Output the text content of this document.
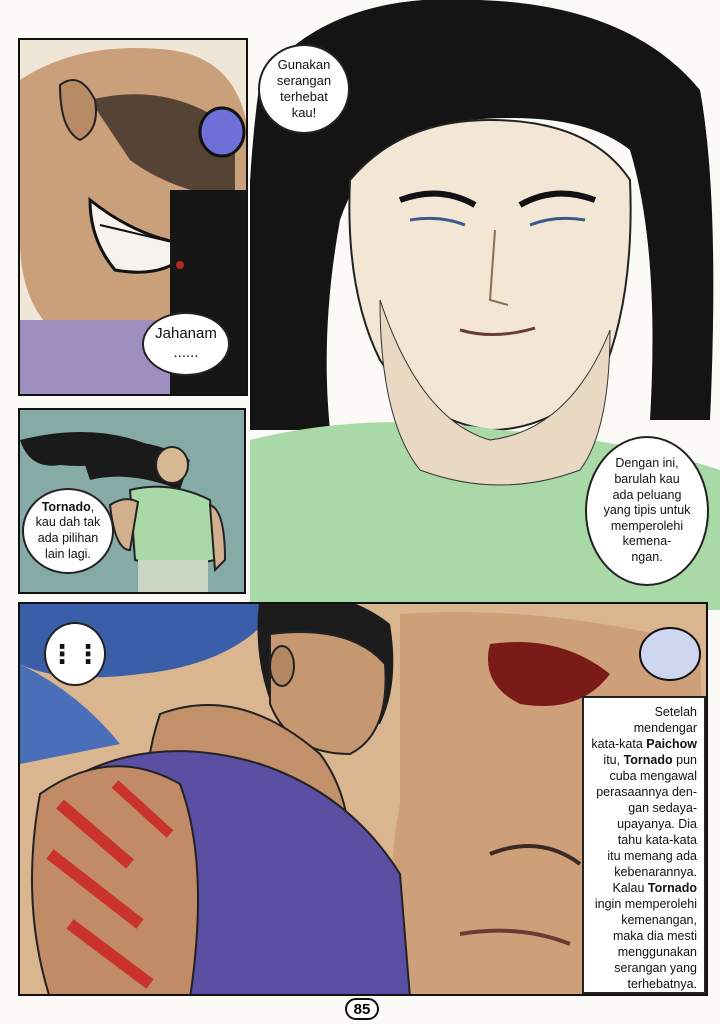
Jahanam
......
Gunakan
serangan
terhebat
kau!
Dengan ini,
barulah kau
ada peluang
yang tipis untuk
memperolehi
kemena-
ngan.
Tornado,
kau dah tak
ada pilihan
lain lagi.
⋮⋮
Setelah
mendengar
kata-kata Paichow
itu, Tornado pun
cuba mengawal
perasaannya den-
gan sedaya-
upayanya. Dia
tahu kata-kata
itu memang ada
kebenarannya.
Kalau Tornado
ingin memperolehi
kemenangan,
maka dia mesti
menggunakan
serangan yang
terhebatnya.
85
